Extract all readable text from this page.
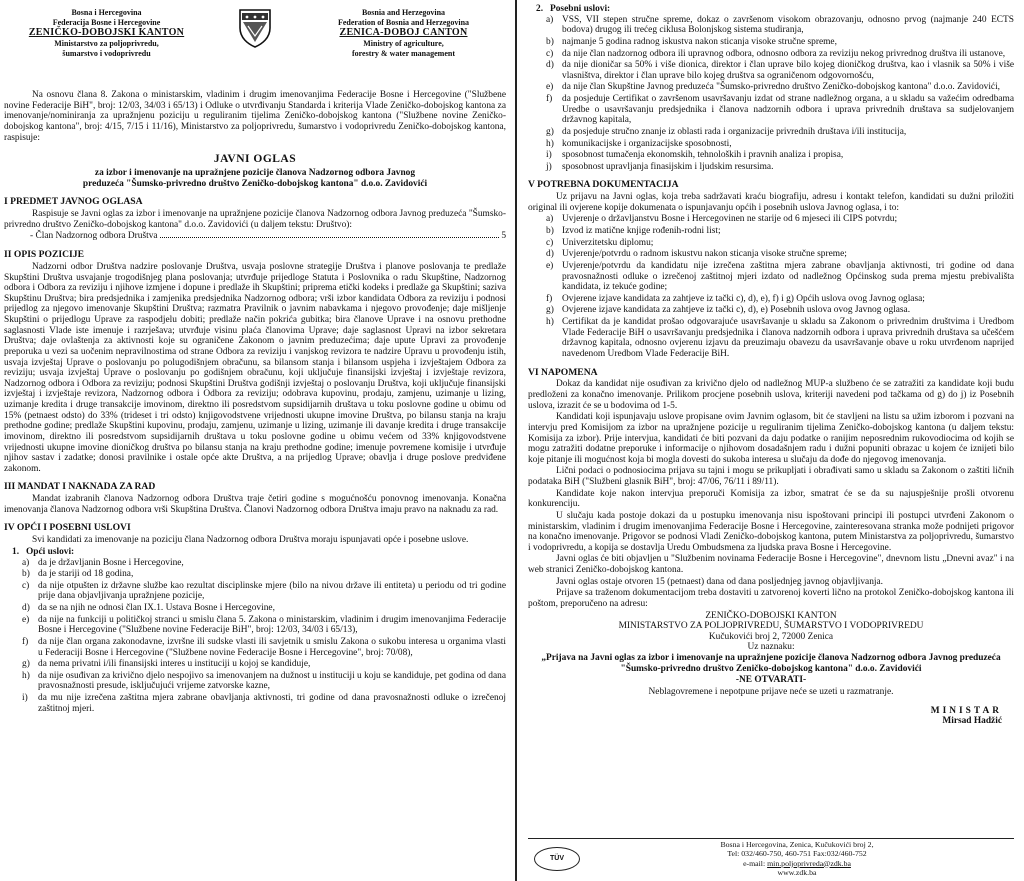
Bosna i Hercegovina
Federacija Bosne i Hercegovine
ZENIČKO-DOBOJSKI KANTON
Ministarstvo za poljoprivredu,
šumarstvo i vodoprivredu
Bosnia and Herzegovina
Federation of Bosnia and Herzegovina
ZENICA-DOBOJ CANTON
Ministry of agriculture,
forestry & water management

Na osnovu člana 8. Zakona o ministarskim, vladinim i drugim imenovanjima Federacije Bosne i Hercegovine ("Službene novine Federacije BiH", broj: 12/03, 34/03 i 65/13) i Odluke o utvrđivanju Standarda i kriterija Vlade Zeničko-dobojskog kantona za imenovanje/nominiranja za upražnjenu poziciju u reguliranim tijelima Zeničko-dobojskog kantona ("Službene novine Zeničko-dobojskog kantona", broj: 4/15, 7/15 i 11/16), Ministarstvo za poljoprivredu, šumarstvo i vodoprivredu Zeničko-dobojskog kantona, raspisuje:

JAVNI OGLAS
za izbor i imenovanje na upražnjene pozicije članova Nadzornog odbora Javnog
preduzeća "Šumsko-privredno društvo Zeničko-dobojskog kantona" d.o.o. Zavidovići
I PREDMET JAVNOG OGLASA

Raspisuje se Javni oglas za izbor i imenovanje na upražnjene pozicije članova Nadzornog odbora Javnog preduzeća "Šumsko-privredno društvo Zeničko-dobojskog kantona" d.o.o. Zavidovići (u daljem tekstu: Društvo):

- Član Nadzornog odbora Društva	5
II OPIS POZICIJE

Nadzorni odbor Društva nadzire poslovanje Društva, usvaja poslovne strategije Društva i planove poslovanja te predlaže Skupštini Društva usvajanje trogodišnjeg plana poslovanja; utvrđuje prijedloge Statuta i Poslovnika o radu Skupštine, Nadzornog odbora i Odbora za reviziju i njihove izmjene i dopune i predlaže ih Skupštini; priprema etički kodeks i predlaže ga Skupštini; saziva Skupštinu Društva; bira predsjednika i zamjenika predsjednika Nadzornog odbora; vrši izbor kandidata Odbora za reviziju i podnosi prijedlog za njegovo imenovanje Skupštini Društva; razmatra Pravilnik o javnim nabavkama i njegovo provođenje; daje mišljenje Skupštini o prijedlogu Uprave za raspodjelu dobiti; predlaže način pokrića gubitka; bira članove Uprave i na osnovu prethodne saglasnosti Vlade iste imenuje i razrješava; utvrđuje visinu plaća članovima Uprave; daje saglasnost Upravi na izbor sekretara Društva; daje ovlaštenja za aktivnosti koje su ograničene Zakonom o javnim preduzećima; daje upute Upravi za provođenje preporuka u vezi sa uočenim nepravilnostima od strane Odbora za reviziju i vanjskog revizora te nadzire Upravu u provođenju istih, usvaja izvještaj Uprave o poslovanju po polugodišnjem obračunu, sa bilansom stanja i bilansom uspjeha i izvještajem Odbora za reviziju; usvaja izvještaj Uprave o poslovanju po godišnjem obračunu, koji uključuje finansijski izvještaj i izvještaje revizora, Nadzornog odbora i Odbora za reviziju; podnosi Skupštini Društva godišnji izvještaj o poslovanju Društva, koji uključuje finansijski izvještaj i izvještaje revizora, Nadzornog odbora i Odbora za reviziju; odobrava kupovinu, prodaju, zamjenu, uzimanje u lizing, uzimanje kredita i druge transakcije imovinom, direktno ili posredstvom supsidijarnih društava u toku poslovne godine u obimu od 15% (petnaest odsto) do 33% (trideset i tri odsto) knjigovodstvene vrijednosti ukupne imovine Društva, po bilansu stanja na kraju prethodne godine; predlaže Skupštini kupovinu, prodaju, zamjenu, uzimanje u lizing, uzimanje ili davanje kredita i druge transakcije imovinom, direktno ili posredstvom supsidijarnih društava u toku poslovne godine u obimu većem od 33% knjigovodstvene vrijednosti ukupne imovine dioničkog društva po bilansu stanja na kraju prethodne godine; imenuje povremene komisije i utvrđuje njihov sastav i zadatke; donosi pravilnike i ostale opće akte Društva, a na prijedlog Uprave; obavlja i druge poslove predviđene zakonom.

III MANDAT I NAKNADA ZA RAD

Mandat izabranih članova Nadzornog odbora Društva traje četiri godine s mogućnošću ponovnog imenovanja. Konačna imenovanja članova Nadzornog odbora vrši Skupština Društva. Članovi Nadzornog odbora Društva imaju pravo na naknadu za rad.

IV OPĆI I POSEBNI USLOVI

Svi kandidati za imenovanje na poziciju člana Nadzornog odbora Društva moraju ispunjavati opće i posebne uslove.

1. Opći uslovi:
a) da je državljanin Bosne i Hercegovine,
b) da je stariji od 18 godina,
c) da nije otpušten iz državne službe kao rezultat disciplinske mjere (bilo na nivou države ili entiteta) u periodu od tri godine prije dana objavljivanja upražnjene pozicije,
d) da se na njih ne odnosi član IX.1. Ustava Bosne i Hercegovine,
e) da nije na funkciji u političkoj stranci u smislu člana 5. Zakona o ministarskim, vladinim i drugim imenovanjima Federacije Bosne i Hercegovine ("Službene novine Federacije BiH", broj: 12/03, 34/03 i 65/13),
f)	da nije član organa zakonodavne, izvršne ili sudske vlasti ili savjetnik u smislu Zakona o sukobu interesa u organima vlasti u Federaciji Bosne i Hercegovine ("Službene novine Federacije Bosne i Hercegovine", broj: 70/08),
g) da nema privatni i/ili finansijski interes u instituciji u kojoj se kandiduje,
h) da nije osuđivan za krivično djelo nespojivo sa imenovanjem na dužnost u instituciji u koju se kandiduje, pet godina od dana pravosnažnosti presude, isključujući vrijeme zatvorske kazne,
i)	da mu nije izrečena zaštitna mjera zabrane obavljanja aktivnosti, tri godine od dana pravosnažnosti odluke o izrečenoj zaštitnoj mjeri.
2. Posebni uslovi:
a) VSS, VII stepen stručne spreme, dokaz o završenom visokom obrazovanju, odnosno prvog (najmanje 240 ECTS bodova) drugog ili trećeg ciklusa Bolonjskog sistema studiranja,
b) najmanje 5 godina radnog iskustva nakon sticanja visoke stručne spreme,
c) da nije član nadzornog odbora ili upravnog odbora, odnosno odbora za reviziju nekog privrednog društva ili ustanove,
d) da nije dioničar sa 50% i više dionica, direktor i član uprave bilo kojeg dioničkog društva, kao i vlasnik sa 50% i više vlasništva, direktor i član uprave bilo kojeg društva sa ograničenom odgovornošću,
e) da nije član Skupštine Javnog preduzeća "Šumsko-privredno društvo Zeničko-dobojskog kantona" d.o.o. Zavidovići,
f)	da posjeduje Certifikat o završenom usavršavanju izdat od strane nadležnog organa, a u skladu sa važećim odredbama Uredbe o usavršavanju predsjednika i članova nadzornih odbora i uprava privrednih društava sa sudjelovanjem državnog kapitala,
g) da posjeduje stručno znanje iz oblasti rada i organizacije privrednih društava i/ili institucija,
h) komunikacijske i organizacijske sposobnosti,
i)	sposobnost tumačenja ekonomskih, tehnoloških i pravnih analiza i propisa,
j)	sposobnost upravljanja finasijskim i ljudskim resursima.
V POTREBNA DOKUMENTACIJA

Uz prijavu na Javni oglas, koja treba sadržavati kraću biografiju, adresu i kontakt telefon, kandidati su dužni priložiti original ili ovjerene kopije dokumenata o ispunjavanju općih i posebnih uslova Javnog oglasa, i to:

a) Uvjerenje o državljanstvu Bosne i Hercegovinen ne starije od 6 mjeseci ili CIPS potvrdu;
b) Izvod iz matične knjige rođenih-rodni list;
c) Univerzitetsku diplomu;
d) Uvjerenje/potvrdu o radnom iskustvu nakon sticanja visoke stručne spreme;
e) Uvjerenje/potvrdu da kandidatu nije izrečena zaštitna mjera zabrane obavljanja aktivnosti, tri godine od dana pravosnažnosti odluke o izrečenoj zaštitnoj mjeri izdato od nadležnog Općinskog suda prema mjestu prebivališta kandidata, iz tekuće godine;
f)	Ovjerene izjave kandidata za zahtjeve iz tački c), d), e), f) i g) Općih uslova ovog Javnog oglasa;
g) Ovjerene izjave kandidata za zahtjeve iz tački c), d), e) Posebnih uslova ovog Javnog oglasa.
h) Certifikat da je kandidat prošao odgovarajuće usavršavanje u skladu sa Zakonom o privrednim društvima i Uredbom Vlade Federacije BiH o usavršavanju predsjednika i članova nadzornih odbora i uprava privrednih društava sa učešćem državnog kapitala, odnosno ovjerenu izjavu da preuzimaju obavezu da usavršavanje obave u roku utvrđenom naprijed navedenom Uredbom Vlade Federacije BiH.
VI NAPOMENA

Dokaz da kandidat nije osuđivan za krivično djelo od nadležnog MUP-a službeno će se zatražiti za kandidate koji budu predloženi za konačno imenovanje. Prilikom procjene posebnih uslova, kriteriji navedeni pod tačkama od g) do j) iz Posebnih uslova, izrazit će se u bodovima od 1-5.

Kandidati koji ispunjavaju uslove propisane ovim Javnim oglasom, bit će stavljeni na listu sa užim izborom i pozvani na intervju pred Komisijom za izbor na upražnjene pozicije u reguliranim tijelima Zeničko-dobojskog kantona (u daljem tekstu: Komisija za izbor). Prije intervjua, kandidati će biti pozvani da daju podatke o ranijim neposrednim rukovodiocima od kojih se mogu zatražiti dodatne preporuke i informacije o njihovom dosadašnjem radu i dužni popuniti obrazac u kojem će iznijeti bilo koje pitanje ili mogućnost koja bi mogla dovesti do sukoba interesa u slučaju da dođe do njegovog imenovanja.

Lični podaci o podnosiocima prijava su tajni i mogu se prikupljati i obrađivati samo u skladu sa Zakonom o zaštiti ličnih podataka BiH ("Službeni glasnik BiH", broj: 47/06, 76/11 i 89/11).

Kandidate koje nakon intervjua preporuči Komisija za izbor, smatrat će se da su najuspješnije prošli otvorenu konkurenciju.

U slučaju kada postoje dokazi da u postupku imenovanja nisu ispoštovani principi ili postupci utvrđeni Zakonom o ministarskim, vladinim i drugim imenovanjima Federacije Bosne i Hercegovine, zainteresovana stranka može podnijeti prigovor na konačno imenovanje. Prigovor se podnosi Vladi Zeničko-dobojskog kantona, putem Ministarstva za poljoprivredu, šumarstvo i vodoprivredu, a kopija se dostavlja Uredu Ombudsmena za ljudska prava Bosne i Hercegovine.

Javni oglas će biti objavljen u "Službenim novinama Federacije Bosne i Hercegovine", dnevnom listu „Dnevni avaz" i na web stranici Zeničko-dobojskog kantona.

Javni oglas ostaje otvoren 15 (petnaest) dana od dana posljednjeg javnog objavljivanja.

Prijave sa traženom dokumentacijom treba dostaviti u zatvorenoj koverti lično na protokol Zeničko-dobojskog kantona ili poštom, preporučeno na adresu:

ZENIČKO-DOBOJSKI KANTON
MINISTARSTVO ZA POLJOPRIVREDU, ŠUMARSTVO I VODOPRIVREDU
Kučukovići broj 2, 72000 Zenica
Uz naznaku:

„Prijava na Javni oglas za izbor i imenovanje na upražnjene pozicije članova Nadzornog odbora Javnog preduzeća "Šumsko-privredno društvo Zeničko-dobojskog kantona" d.o.o. Zavidovići

-NE OTVARATI-

Neblagovremene i nepotpune prijave neće se uzeti u razmatranje.

MINISTAR
Mirsad Hadžić
TÜV
Bosna i Hercegovina, Zenica, Kučukovići broj 2,
Tel: 032/460-750, 460-751 Fax:032/460-752
e-mail: min.poljoprivreda@zdk.ba
www.zdk.ba
